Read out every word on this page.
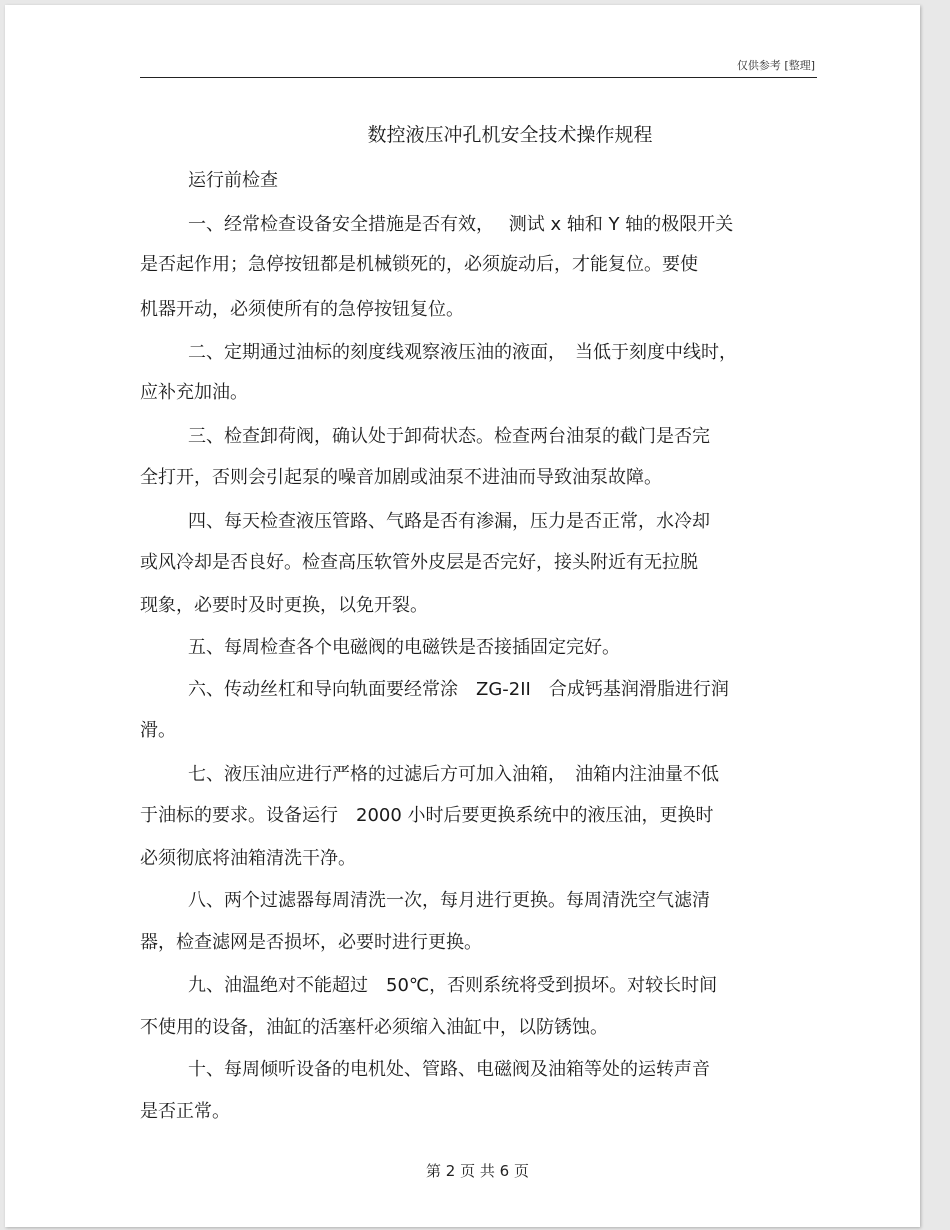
仅供参考 [整理]
数控液压冲孔机安全技术操作规程
运行前检查
一、经常检查设备安全措施是否有效，　 测试 x 轴和 Y 轴的极限开关
是否起作用；急停按钮都是机械锁死的，必须旋动后，才能复位。要使
机器开动，必须使所有的急停按钮复位。
二、定期通过油标的刻度线观察液压油的液面，　当低于刻度中线时，
应补充加油。
三、检查卸荷阀，确认处于卸荷状态。检查两台油泵的截门是否完
全打开，否则会引起泵的噪音加剧或油泵不进油而导致油泵故障。
四、每天检查液压管路、气路是否有渗漏，压力是否正常，水冷却
或风冷却是否良好。检查高压软管外皮层是否完好，接头附近有无拉脱
现象，必要时及时更换，以免开裂。
五、每周检查各个电磁阀的电磁铁是否接插固定完好。
六、传动丝杠和导向轨面要经常涂　ZG-2II　合成钙基润滑脂进行润
滑。
七、液压油应进行严格的过滤后方可加入油箱，　油箱内注油量不低
于油标的要求。设备运行　2000 小时后要更换系统中的液压油，更换时
必须彻底将油箱清洗干净。
八、两个过滤器每周清洗一次，每月进行更换。每周清洗空气滤清
器，检查滤网是否损坏，必要时进行更换。
九、油温绝对不能超过　50℃，否则系统将受到损坏。对较长时间
不使用的设备，油缸的活塞杆必须缩入油缸中，以防锈蚀。
十、每周倾听设备的电机处、管路、电磁阀及油箱等处的运转声音
是否正常。
第 2 页 共 6 页
